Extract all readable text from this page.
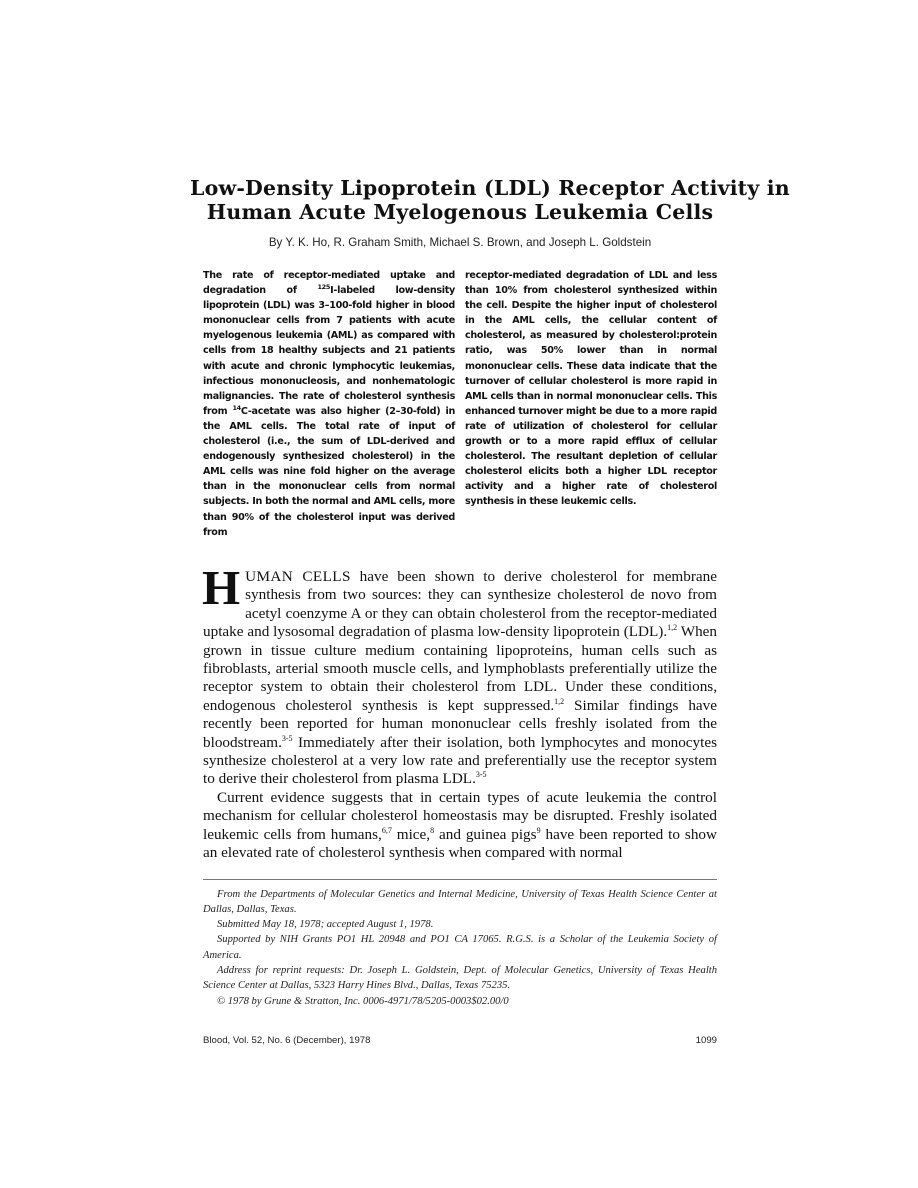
Low-Density Lipoprotein (LDL) Receptor Activity in
Human Acute Myelogenous Leukemia Cells
By Y. K. Ho, R. Graham Smith, Michael S. Brown, and Joseph L. Goldstein
The rate of receptor-mediated uptake and degradation of $^{125}$I-labeled low-density lipoprotein (LDL) was 3–100-fold higher in blood mononuclear cells from 7 patients with acute myelogenous leukemia (AML) as compared with cells from 18 healthy subjects and 21 patients with acute and chronic lymphocytic leukemias, infectious mononucleosis, and nonhematologic malignancies. The rate of cholesterol synthesis from $^{14}$C-acetate was also higher (2–30-fold) in the AML cells. The total rate of input of cholesterol (i.e., the sum of LDL-derived and endogenously synthesized cholesterol) in the AML cells was nine fold higher on the average than in the mononuclear cells from normal subjects. In both the normal and AML cells, more than 90% of the cholesterol input was derived from
receptor-mediated degradation of LDL and less than 10% from cholesterol synthesized within the cell. Despite the higher input of cholesterol in the AML cells, the cellular content of cholesterol, as measured by cholesterol:protein ratio, was 50% lower than in normal mononuclear cells. These data indicate that the turnover of cellular cholesterol is more rapid in AML cells than in normal mononuclear cells. This enhanced turnover might be due to a more rapid rate of utilization of cholesterol for cellular growth or to a more rapid efflux of cellular cholesterol. The resultant depletion of cellular cholesterol elicits both a higher LDL receptor activity and a higher rate of cholesterol synthesis in these leukemic cells.

HUMAN CELLS have been shown to derive cholesterol for membrane synthesis from two sources: they can synthesize cholesterol de novo from acetyl coenzyme A or they can obtain cholesterol from the receptor-mediated uptake and lysosomal degradation of plasma low-density lipoprotein (LDL).$^{1,2}$ When grown in tissue culture medium containing lipoproteins, human cells such as fibroblasts, arterial smooth muscle cells, and lymphoblasts preferentially utilize the receptor system to obtain their cholesterol from LDL. Under these conditions, endogenous cholesterol synthesis is kept suppressed.$^{1,2}$ Similar findings have recently been reported for human mononuclear cells freshly isolated from the bloodstream.$^{3-5}$ Immediately after their isolation, both lymphocytes and monocytes synthesize cholesterol at a very low rate and preferentially use the receptor system to derive their cholesterol from plasma LDL.$^{3-5}$

Current evidence suggests that in certain types of acute leukemia the control mechanism for cellular cholesterol homeostasis may be disrupted. Freshly isolated leukemic cells from humans,$^{6,7}$ mice,$^8$ and guinea pigs$^9$ have been reported to show an elevated rate of cholesterol synthesis when compared with normal

From the Departments of Molecular Genetics and Internal Medicine, University of Texas Health Science Center at Dallas, Dallas, Texas.

Submitted May 18, 1978; accepted August 1, 1978.

Supported by NIH Grants PO1 HL 20948 and PO1 CA 17065. R.G.S. is a Scholar of the Leukemia Society of America.

Address for reprint requests: Dr. Joseph L. Goldstein, Dept. of Molecular Genetics, University of Texas Health Science Center at Dallas, 5323 Harry Hines Blvd., Dallas, Texas 75235.

© 1978 by Grune & Stratton, Inc. 0006-4971/78/5205-0003$02.00/0

Blood, Vol. 52, No. 6 (December), 1978	1099
